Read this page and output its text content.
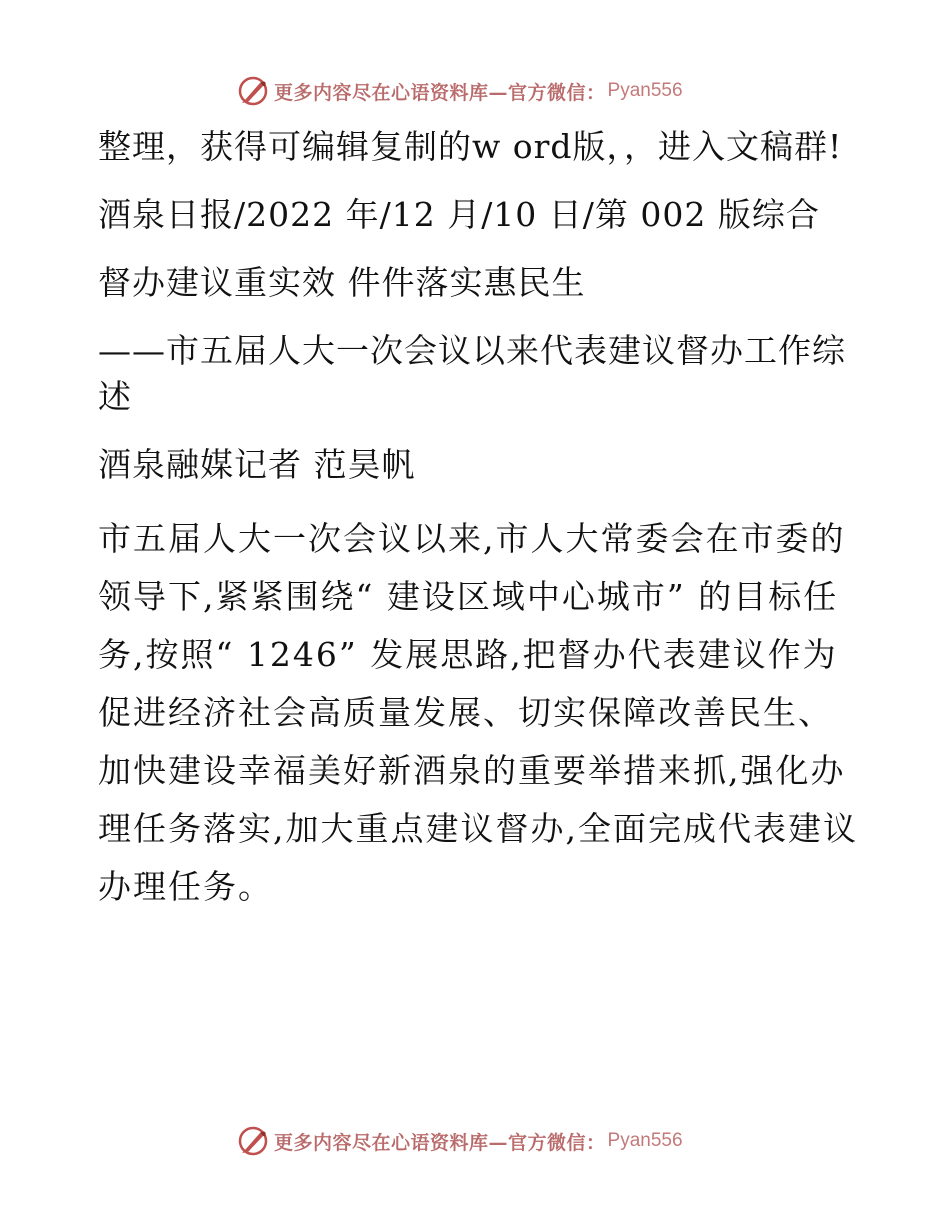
更多内容尽在心语资料库—官方微信： Pyan556

整理，获得可编辑复制的w ord版，，进入文稿群!

酒泉日报/2022 年/12 月/10 日/第 002 版综合

督办建议重实效 件件落实惠民生

——市五届人大一次会议以来代表建议督办工作综述

酒泉融媒记者 范昊帆

市五届人大一次会议以来,市人大常委会在市委的领导下,紧紧围绕“ 建设区域中心城市” 的目标任务,按照“ 1246” 发展思路,把督办代表建议作为促进经济社会高质量发展、切实保障改善民生、加快建设幸福美好新酒泉的重要举措来抓,强化办理任务落实,加大重点建议督办,全面完成代表建议办理任务。

更多内容尽在心语资料库—官方微信： Pyan556
